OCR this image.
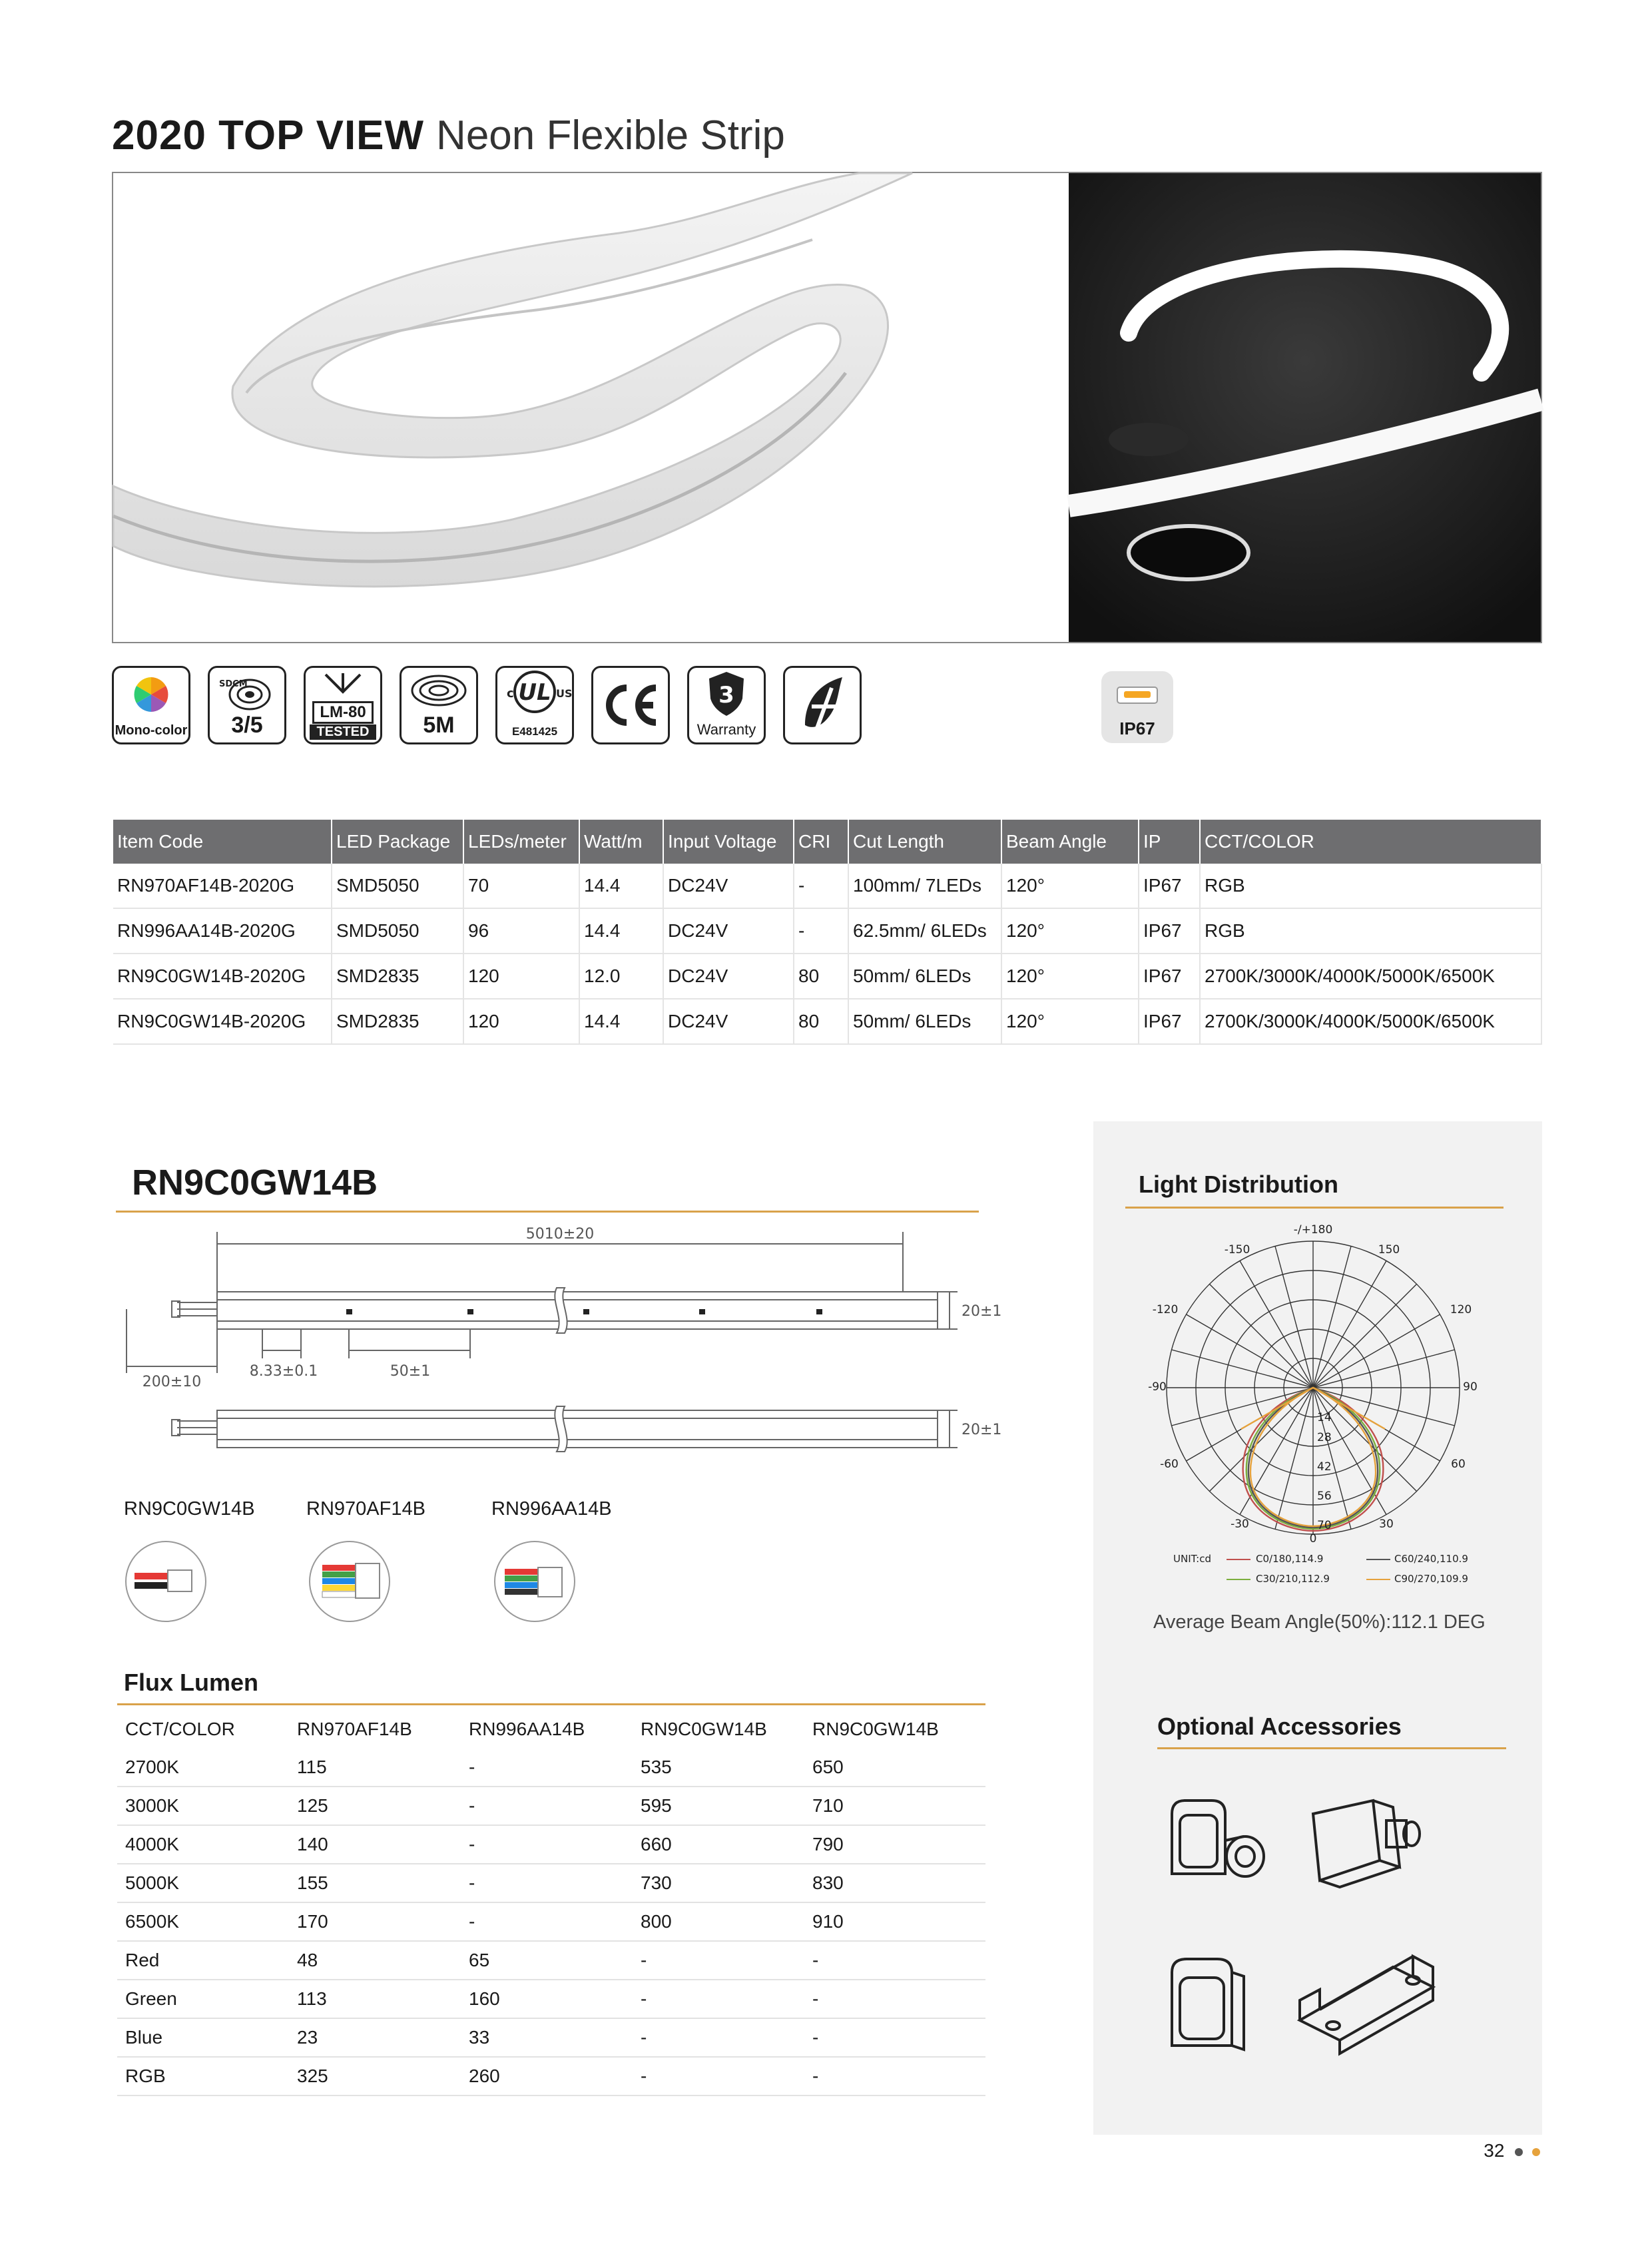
2020 TOP VIEW Neon Flexible Strip
Mono-color
SDCM
3/5
LM-80
TESTED	5M
UL
c	US
E481425
3
Warranty	IP67
Item Code	LED Package	LEDs/meter	Watt/m	Input Voltage	CRI	Cut Length	Beam Angle	IP	CCT/COLOR
RN970AF14B-2020G	SMD5050	70	14.4	DC24V	-	100mm/ 7LEDs	120°	IP67	RGB
RN996AA14B-2020G	SMD5050	96	14.4	DC24V	-	62.5mm/ 6LEDs	120°	IP67	RGB
RN9C0GW14B-2020G	SMD2835	120	12.0	DC24V	80	50mm/ 6LEDs	120°	IP67	2700K/3000K/4000K/5000K/6500K
RN9C0GW14B-2020G	SMD2835	120	14.4	DC24V	80	50mm/ 6LEDs	120°	IP67	2700K/3000K/4000K/5000K/6500K
RN9C0GW14B
5010±20
20±1
20±1
200±10
8.33±0.1	50±1
RN9C0GW14B	RN970AF14B	RN996AA14B
Flux Lumen
CCT/COLOR	RN970AF14B	RN996AA14B	RN9C0GW14B	RN9C0GW14B
2700K	115	-	535	650
3000K	125	-	595	710
4000K	140	-	660	790
5000K	155	-	730	830
6500K	170	-	800	910
Red	48	65	-	-
Green	113	160	-	-
Blue	23	33	-	-
RGB	325	260	-	-
Light Distribution
-/+180
-150	150
-120	120
-90	90
-60	60
-30	30
0
14
28
42
56
70
UNIT:cd	C0/180,114.9	C60/240,110.9
C30/210,112.9	C90/270,109.9
Average Beam Angle(50%):112.1 DEG
Optional Accessories
32
